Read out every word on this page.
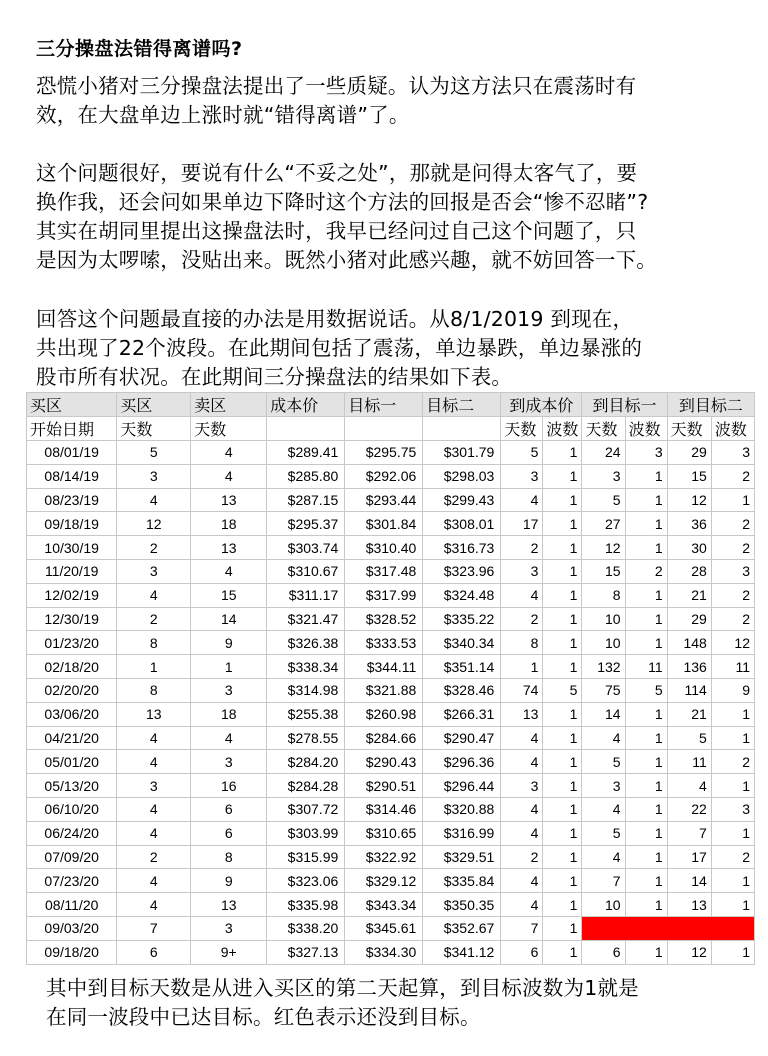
三分操盘法错得离谱吗?
恐慌小猪对三分操盘法提出了一些质疑。认为这方法只在震荡时有
效，在大盘单边上涨时就“错得离谱”了。
这个问题很好，要说有什么“不妥之处”，那就是问得太客气了，要
换作我，还会问如果单边下降时这个方法的回报是否会“惨不忍睹”?
其实在胡同里提出这操盘法时，我早已经问过自己这个问题了，只
是因为太啰嗦，没贴出来。既然小猪对此感兴趣，就不妨回答一下。
回答这个问题最直接的办法是用数据说话。从8/1/2019 到现在，
共出现了22个波段。在此期间包括了震荡，单边暴跌，单边暴涨的
股市所有状况。在此期间三分操盘法的结果如下表。
买区	买区	卖区	成本价	目标一	目标二	到成本价		到目标一		到目标二	
开始日期	天数	天数				天数	波数	天数	波数	天数	波数
08/01/19	5	4	$289.41	$295.75	$301.79	5	1	24	3	29	3
08/14/19	3	4	$285.80	$292.06	$298.03	3	1	3	1	15	2
08/23/19	4	13	$287.15	$293.44	$299.43	4	1	5	1	12	1
09/18/19	12	18	$295.37	$301.84	$308.01	17	1	27	1	36	2
10/30/19	2	13	$303.74	$310.40	$316.73	2	1	12	1	30	2
11/20/19	3	4	$310.67	$317.48	$323.96	3	1	15	2	28	3
12/02/19	4	15	$311.17	$317.99	$324.48	4	1	8	1	21	2
12/30/19	2	14	$321.47	$328.52	$335.22	2	1	10	1	29	2
01/23/20	8	9	$326.38	$333.53	$340.34	8	1	10	1	148	12
02/18/20	1	1	$338.34	$344.11	$351.14	1	1	132	11	136	11
02/20/20	8	3	$314.98	$321.88	$328.46	74	5	75	5	114	9
03/06/20	13	18	$255.38	$260.98	$266.31	13	1	14	1	21	1
04/21/20	4	4	$278.55	$284.66	$290.47	4	1	4	1	5	1
05/01/20	4	3	$284.20	$290.43	$296.36	4	1	5	1	11	2
05/13/20	3	16	$284.28	$290.51	$296.44	3	1	3	1	4	1
06/10/20	4	6	$307.72	$314.46	$320.88	4	1	4	1	22	3
06/24/20	4	6	$303.99	$310.65	$316.99	4	1	5	1	7	1
07/09/20	2	8	$315.99	$322.92	$329.51	2	1	4	1	17	2
07/23/20	4	9	$323.06	$329.12	$335.84	4	1	7	1	14	1
08/11/20	4	13	$335.98	$343.34	$350.35	4	1	10	1	13	1
09/03/20	7	3	$338.20	$345.61	$352.67	7	1				
09/18/20	6	9+	$327.13	$334.30	$341.12	6	1	6	1	12	1
其中到目标天数是从进入买区的第二天起算，到目标波数为1就是
在同一波段中已达目标。红色表示还没到目标。
